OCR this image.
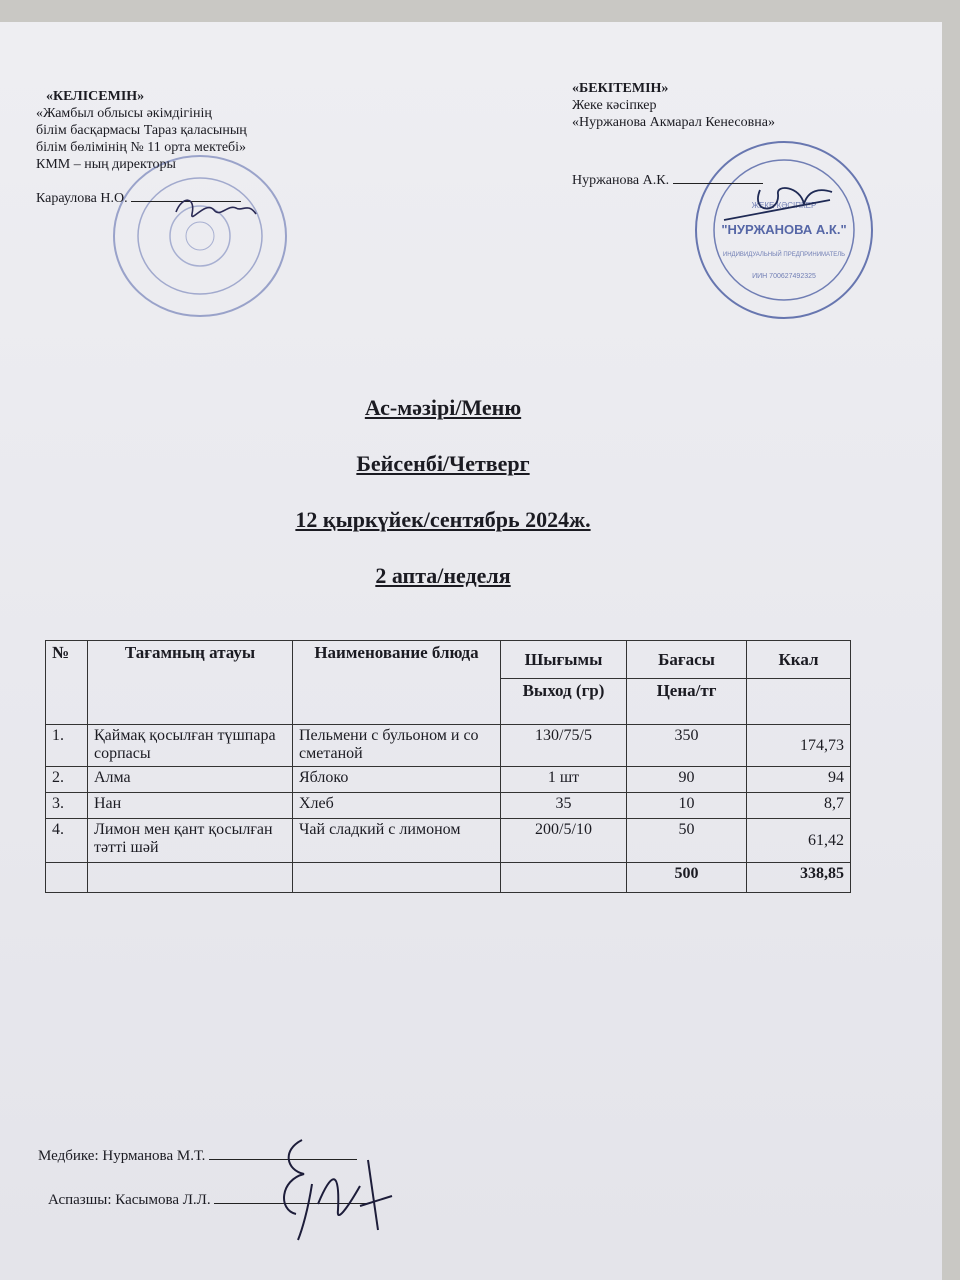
"НУРЖАНОВА А.К."
ЖЕКЕ КӘСІПКЕР
ИНДИВИДУАЛЬНЫЙ ПРЕДПРИНИМАТЕЛЬ
ИИН 700627492325
«КЕЛІСЕМІН»
«Жамбыл облысы әкімдігінің
білім басқармасы Тараз қаласының
білім бөлімінің № 11 орта мектебі»
КММ – ның директоры
Караулова Н.О.
«БЕКІТЕМІН»
Жеке кәсіпкер
«Нуржанова Акмарал Кенесовна»
Нуржанова А.К.
Ас-мәзірі/Меню
Бейсенбі/Четверг
12 қыркүйек/сентябрь 2024ж.
2 апта/неделя
№	Тағамның атауы	Наименование блюда	Шығымы	Бағасы	Ккал
			Выход (гр)	Цена/тг	
1.	Қаймақ қосылған түшпара сорпасы	Пельмени с бульоном и со сметаной	130/75/5	350	174,73
2.	Алма	Яблоко	1 шт	90	94
3.	Нан	Хлеб	35	10	8,7
4.	Лимон мен қант қосылған тәтті шәй	Чай сладкий с лимоном	200/5/10	50	61,42
				500	338,85
Медбике: Нурманова М.Т.
Аспазшы: Касымова Л.Л.
